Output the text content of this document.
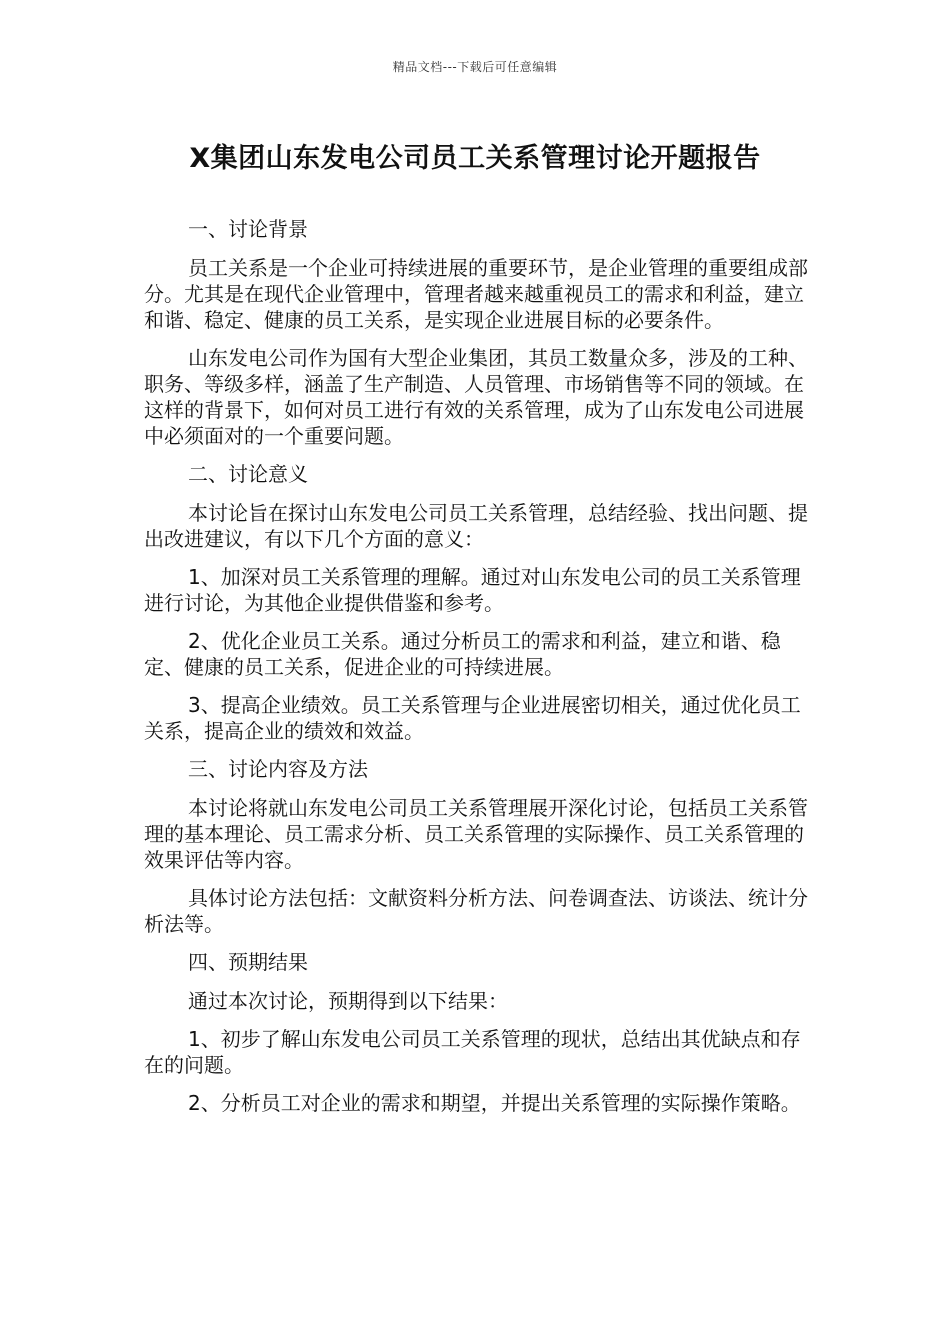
精品文档---下载后可任意编辑
X集团山东发电公司员工关系管理讨论开题报告

一、讨论背景

员工关系是一个企业可持续进展的重要环节，是企业管理的重要组成部分。尤其是在现代企业管理中，管理者越来越重视员工的需求和利益，建立和谐、稳定、健康的员工关系，是实现企业进展目标的必要条件。

山东发电公司作为国有大型企业集团，其员工数量众多，涉及的工种、职务、等级多样，涵盖了生产制造、人员管理、市场销售等不同的领域。在这样的背景下，如何对员工进行有效的关系管理，成为了山东发电公司进展中必须面对的一个重要问题。

二、讨论意义

本讨论旨在探讨山东发电公司员工关系管理，总结经验、找出问题、提出改进建议，有以下几个方面的意义：

1、加深对员工关系管理的理解。通过对山东发电公司的员工关系管理进行讨论，为其他企业提供借鉴和参考。

2、优化企业员工关系。通过分析员工的需求和利益，建立和谐、稳定、健康的员工关系，促进企业的可持续进展。

3、提高企业绩效。员工关系管理与企业进展密切相关，通过优化员工关系，提高企业的绩效和效益。

三、讨论内容及方法

本讨论将就山东发电公司员工关系管理展开深化讨论，包括员工关系管理的基本理论、员工需求分析、员工关系管理的实际操作、员工关系管理的效果评估等内容。

具体讨论方法包括：文献资料分析方法、问卷调查法、访谈法、统计分析法等。

四、预期结果

通过本次讨论，预期得到以下结果：

1、初步了解山东发电公司员工关系管理的现状，总结出其优缺点和存在的问题。

2、分析员工对企业的需求和期望，并提出关系管理的实际操作策略。
